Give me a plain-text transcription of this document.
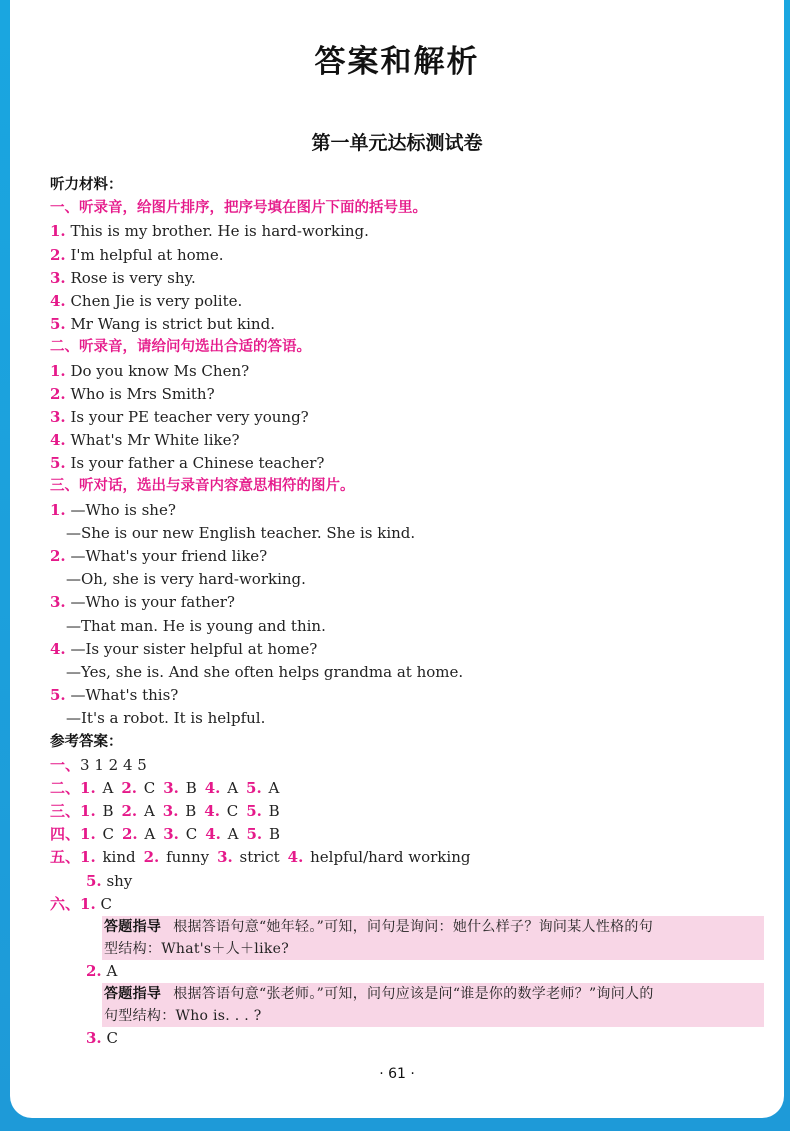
答案和解析
第一单元达标测试卷
听力材料：
一、听录音，给图片排序，把序号填在图片下面的括号里。
1. This is my brother. He is hard-working.
2. I'm helpful at home.
3. Rose is very shy.
4. Chen Jie is very polite.
5. Mr Wang is strict but kind.
二、听录音，请给问句选出合适的答语。
1. Do you know Ms Chen?
2. Who is Mrs Smith?
3. Is your PE teacher very young?
4. What's Mr White like?
5. Is your father a Chinese teacher?
三、听对话，选出与录音内容意思相符的图片。
1. —Who is she?
—She is our new English teacher. She is kind.
2. —What's your friend like?
—Oh, she is very hard-working.
3. —Who is your father?
—That man. He is young and thin.
4. —Is your sister helpful at home?
—Yes, she is. And she often helps grandma at home.
5. —What's this?
—It's a robot. It is helpful.
参考答案：
一、3 1 2 4 5
二、1. A 2. C 3. B 4. A 5. A
三、1. B 2. A 3. B 4. C 5. B
四、1. C 2. A 3. C 4. A 5. B
五、1. kind 2. funny 3. strict 4. helpful/hard working
5. shy
六、1. C
答题指导 根据答语句意“她年轻。”可知，问句是询问：她什么样子？询问某人性格的句
型结构：What's＋人＋like?
2. A
答题指导 根据答语句意“张老师。”可知，问句应该是问“谁是你的数学老师？”询问人的
句型结构：Who is. . . ?
3. C
· 61 ·
